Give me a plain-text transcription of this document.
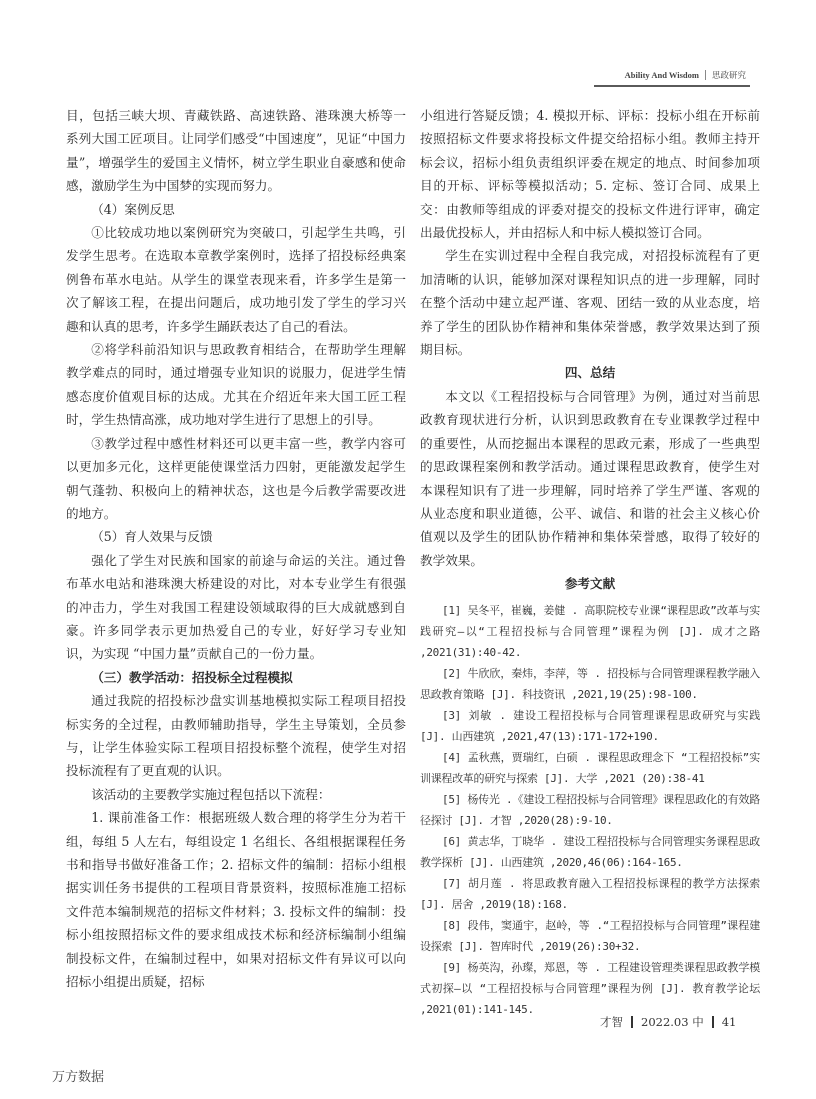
Ability And Wisdom 思政研究

目，包括三峡大坝、青藏铁路、高速铁路、港珠澳大桥等一系列大国工匠项目。让同学们感受“中国速度”，见证“中国力量”，增强学生的爱国主义情怀，树立学生职业自豪感和使命感，激励学生为中国梦的实现而努力。

（4）案例反思

①比较成功地以案例研究为突破口，引起学生共鸣，引发学生思考。在选取本章教学案例时，选择了招投标经典案例鲁布革水电站。从学生的课堂表现来看，许多学生是第一次了解该工程，在提出问题后，成功地引发了学生的学习兴趣和认真的思考，许多学生踊跃表达了自己的看法。

②将学科前沿知识与思政教育相结合，在帮助学生理解教学难点的同时，通过增强专业知识的说服力，促进学生情感态度价值观目标的达成。尤其在介绍近年来大国工匠工程时，学生热情高涨，成功地对学生进行了思想上的引导。

③教学过程中感性材料还可以更丰富一些，教学内容可以更加多元化，这样更能使课堂活力四射，更能激发起学生朝气蓬勃、积极向上的精神状态，这也是今后教学需要改进的地方。

（5）育人效果与反馈

强化了学生对民族和国家的前途与命运的关注。通过鲁布革水电站和港珠澳大桥建设的对比，对本专业学生有很强的冲击力，学生对我国工程建设领域取得的巨大成就感到自豪。许多同学表示更加热爱自己的专业，好好学习专业知识，为实现 “中国力量”贡献自己的一份力量。

（三）教学活动：招投标全过程模拟

通过我院的招投标沙盘实训基地模拟实际工程项目招投标实务的全过程，由教师辅助指导，学生主导策划，全员参与，让学生体验实际工程项目招投标整个流程，使学生对招投标流程有了更直观的认识。

该活动的主要教学实施过程包括以下流程：

1. 课前准备工作：根据班级人数合理的将学生分为若干组，每组 5 人左右，每组设定 1 名组长、各组根据课程任务书和指导书做好准备工作；2. 招标文件的编制：招标小组根据实训任务书提供的工程项目背景资料，按照标准施工招标文件范本编制规范的招标文件材料；3. 投标文件的编制：投标小组按照招标文件的要求组成技术标和经济标编制小组编制投标文件，在编制过程中，如果对招标文件有异议可以向招标小组提出质疑，招标

小组进行答疑反馈；4. 模拟开标、评标：投标小组在开标前按照招标文件要求将投标文件提交给招标小组。教师主持开标会议，招标小组负责组织评委在规定的地点、时间参加项目的开标、评标等模拟活动；5. 定标、签订合同、成果上交：由教师等组成的评委对提交的投标文件进行评审，确定出最优投标人，并由招标人和中标人模拟签订合同。

学生在实训过程中全程自我完成，对招投标流程有了更加清晰的认识，能够加深对课程知识点的进一步理解，同时在整个活动中建立起严谨、客观、团结一致的从业态度，培养了学生的团队协作精神和集体荣誉感，教学效果达到了预期目标。

四、总结

本文以《工程招投标与合同管理》为例，通过对当前思政教育现状进行分析，认识到思政教育在专业课教学过程中的重要性，从而挖掘出本课程的思政元素，形成了一些典型的思政课程案例和教学活动。通过课程思政教育，使学生对本课程知识有了进一步理解，同时培养了学生严谨、客观的从业态度和职业道德，公平、诚信、和谐的社会主义核心价值观以及学生的团队协作精神和集体荣誉感，取得了较好的教学效果。

参考文献
[1] 吴冬平，崔巍，姜健 . 高职院校专业课“课程思政”改革与实践研究—以“工程招投标与合同管理”课程为例 [J]. 成才之路 ,2021(31):40-42.
[2] 牛欣欣，秦炜，李萍，等 . 招投标与合同管理课程教学融入思政教育策略 [J]. 科技资讯 ,2021,19(25):98-100.
[3] 刘敏 . 建设工程招投标与合同管理课程思政研究与实践 [J]. 山西建筑 ,2021,47(13):171-172+190.
[4] 孟秋燕，贾瑞红，白硕 . 课程思政理念下 “工程招投标”实训课程改革的研究与探索 [J]. 大学 ,2021 (20):38-41
[5] 杨传光 .《建设工程招投标与合同管理》课程思政化的有效路径探讨 [J]. 才智 ,2020(28):9-10.
[6] 黄志华，丁晓华 . 建设工程招投标与合同管理实务课程思政教学探析 [J]. 山西建筑 ,2020,46(06):164-165.
[7] 胡月莲 . 将思政教育融入工程招投标课程的教学方法探索 [J]. 居舍 ,2019(18):168.
[8] 段伟，窦通宇，赵岭，等 .“工程招投标与合同管理”课程建设探索 [J]. 智库时代 ,2019(26):30+32.
[9] 杨英沟，孙璨，郑恩，等 . 工程建设管理类课程思政教学模式初探—以 “工程招投标与合同管理”课程为例 [J]. 教育教学论坛 ,2021(01):141-145.
才智 2022.03 中 41
万方数据
